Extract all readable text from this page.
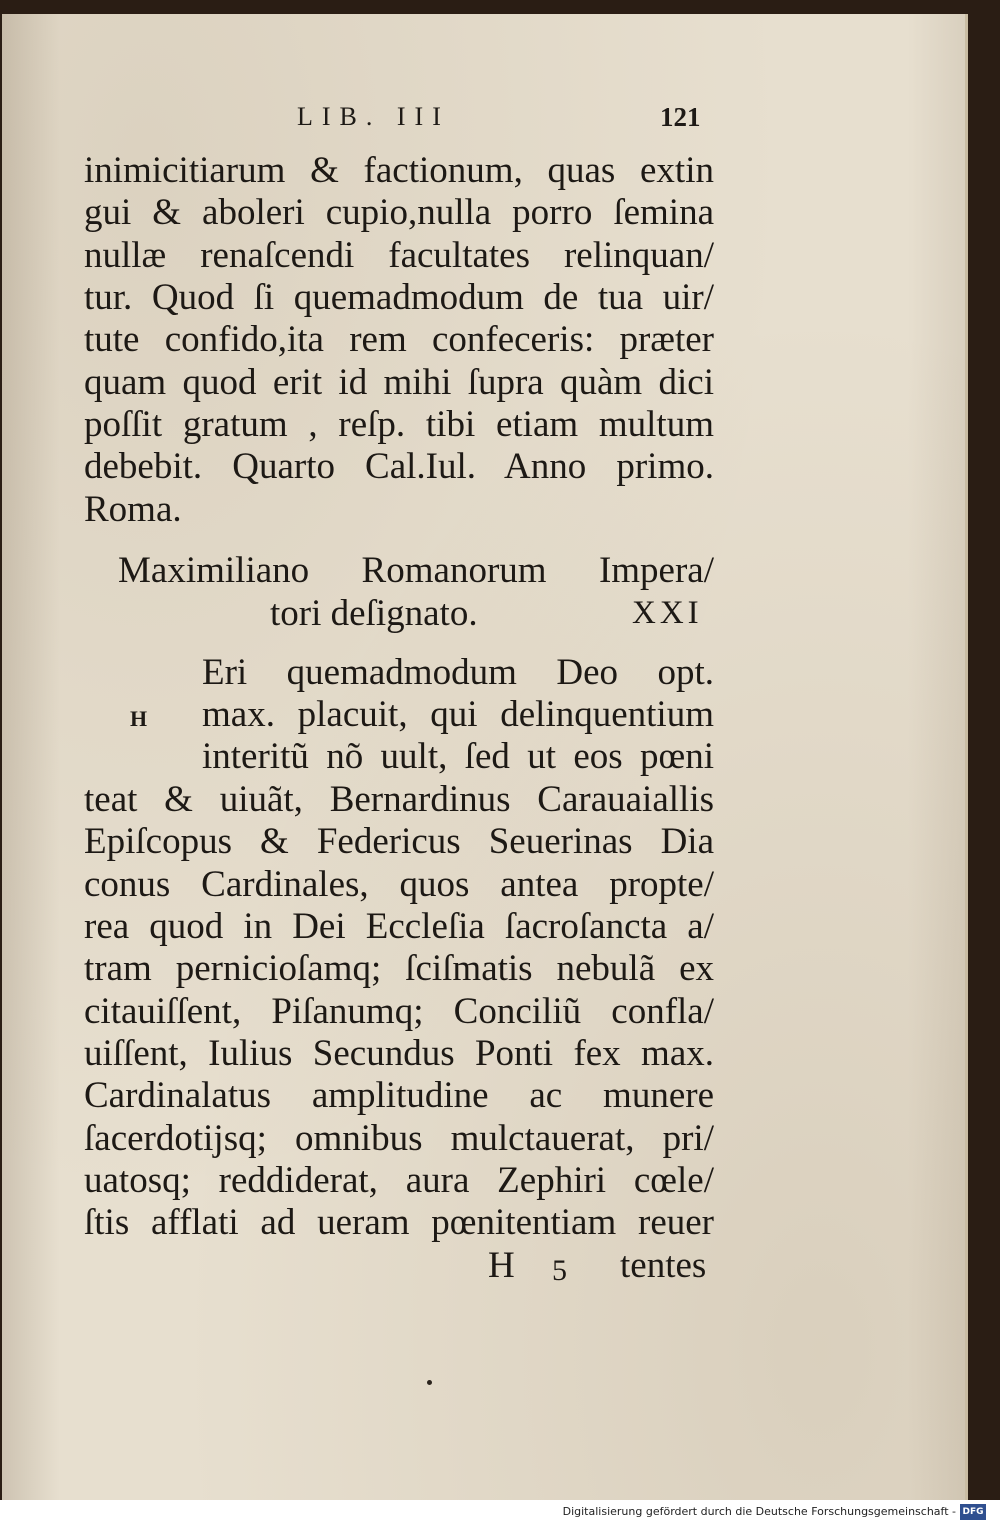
LIB. III	121
inimicitiarum & factionum, quas extin
gui & aboleri cupio,nulla porro ſemina
nullæ renaſcendi facultates relinquan/
tur. Quod ſi quemadmodum de tua uir/
tute confido,ita rem confeceris: præter
quam quod erit id mihi ſupra quàm dici
poſſit gratum , reſp. tibi etiam multum
debebit. Quarto Cal.Iul. Anno primo.
Roma.
Maximiliano Romanorum Impera/
tori deſignato.	XXI
H
Eri quemadmodum Deo opt.
max. placuit, qui delinquentium
interitũ nõ uult, ſed ut eos pœni
teat & uiuãt, Bernardinus Carauaiallis
Epiſcopus & Federicus Seuerinas Dia
conus Cardinales, quos antea propte/
rea quod in Dei Eccleſia ſacroſancta a/
tram pernicioſamq; ſciſmatis nebulã ex
citauiſſent, Piſanumq; Conciliũ confla/
uiſſent, Iulius Secundus Ponti fex max.
Cardinalatus amplitudine ac munere
ſacerdotijsq; omnibus mulctauerat, pri/
uatosq; reddiderat, aura Zephiri cœle/
ſtis afflati ad ueram pœnitentiam reuer
H 5 tentes
Digitalisierung gefördert durch die Deutsche Forschungsgemeinschaft - DFG
